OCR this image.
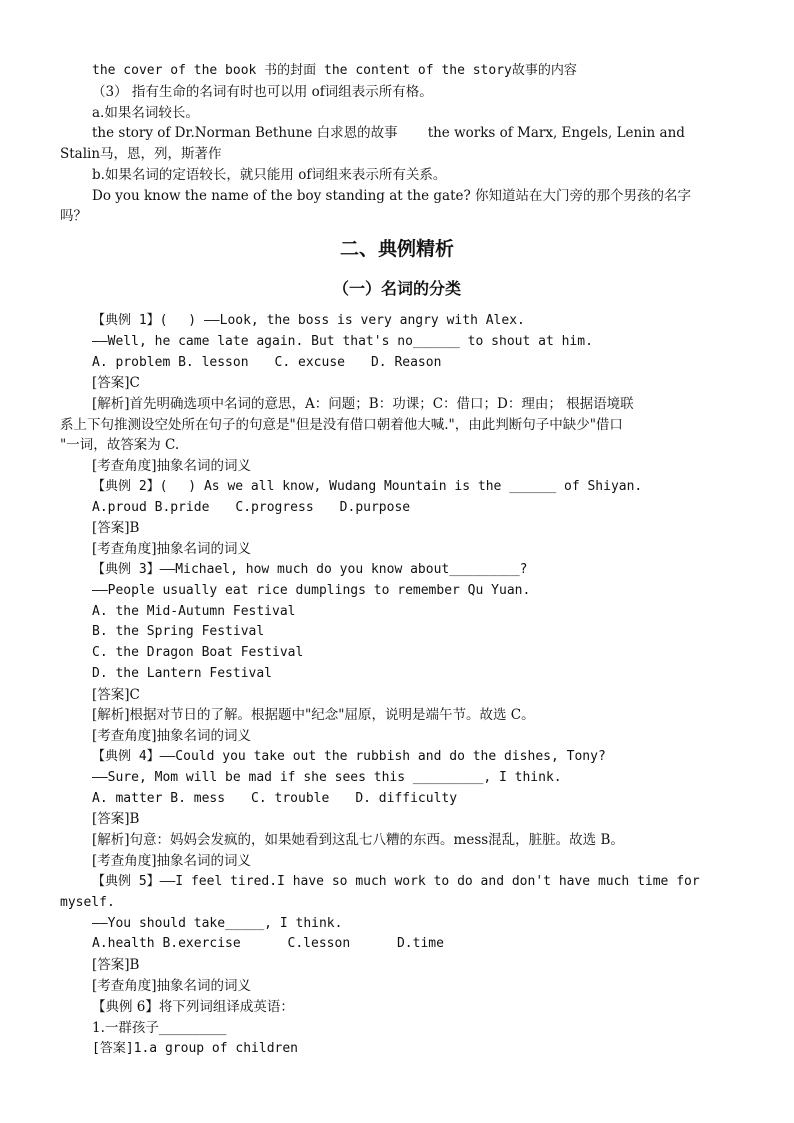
the cover of the book 书的封面 the content of the story故事的内容
（3） 指有生命的名词有时也可以用 of词组表示所有格。
a.如果名词较长。
the story of Dr.Norman Bethune 白求恩的故事 the works of Marx, Engels, Lenin and
Stalin马，恩，列，斯著作
b.如果名词的定语较长，就只能用 of词组来表示所有关系。
Do you know the name of the boy standing at the gate? 你知道站在大门旁的那个男孩的名字
吗？
二、典例精析
（一）名词的分类
【典例 1】(　 ) ——Look, the boss is very angry with Alex.
——Well, he came late again. But that's no______ to shout at him.
A. problem B. lesson　　C. excuse　　D. Reason
[答案]C
[解析]首先明确选项中名词的意思，A：问题；B：功课；C：借口；D：理由； 根据语境联
系上下句推测设空处所在句子的句意是"但是没有借口朝着他大喊."，由此判断句子中缺少"借口
"一词，故答案为 C.
[考查角度]抽象名词的词义
【典例 2】(　 ) As we all know, Wudang Mountain is the ______ of Shiyan.
A.proud B.pride　　C.progress　　D.purpose
[答案]B
[考查角度]抽象名词的词义
【典例 3】——Michael, how much do you know about_________?
——People usually eat rice dumplings to remember Qu Yuan.
A. the Mid-Autumn Festival
B. the Spring Festival
C. the Dragon Boat Festival
D. the Lantern Festival
[答案]C
[解析]根据对节日的了解。根据题中"纪念"屈原，说明是端午节。故选 C。
[考查角度]抽象名词的词义
【典例 4】——Could you take out the rubbish and do the dishes, Tony?
——Sure, Mom will be mad if she sees this _________, I think.
A. matter B. mess　　C. trouble　　D. difficulty
[答案]B
[解析]句意：妈妈会发疯的，如果她看到这乱七八糟的东西。mess混乱，脏脏。故选 B。
[考查角度]抽象名词的词义
【典例 5】——I feel tired.I have so much work to do and don't have much time for
myself.
——You should take_____, I think.
A.health B.exercise　　　 C.lesson　　　 D.time
[答案]B
[考查角度]抽象名词的词义
【典例 6】将下列词组译成英语：
1.一群孩子__________
[答案]1.a group of children
